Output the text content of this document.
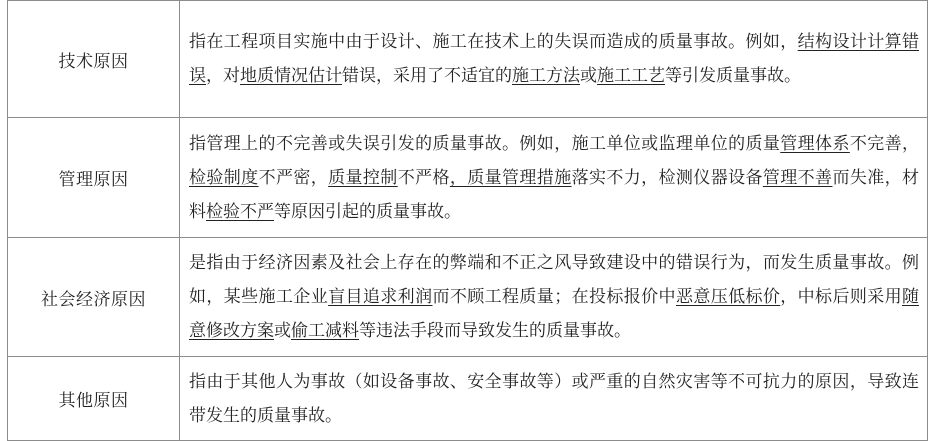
技术原因	指在工程项目实施中由于设计、施工在技术上的失误而造成的质量事故。例如，结构设计计算错误，对地质情况估计错误，采用了不适宜的施工方法或施工工艺等引发质量事故。
管理原因	指管理上的不完善或失误引发的质量事故。例如，施工单位或监理单位的质量管理体系不完善，检验制度不严密，质量控制不严格，质量管理措施落实不力，检测仪器设备管理不善而失准，材料检验不严等原因引起的质量事故。
社会经济原因	是指由于经济因素及社会上存在的弊端和不正之风导致建设中的错误行为，而发生质量事故。例如，某些施工企业盲目追求利润而不顾工程质量；在投标报价中恶意压低标价，中标后则采用随意修改方案或偷工减料等违法手段而导致发生的质量事故。
其他原因	指由于其他人为事故（如设备事故、安全事故等）或严重的自然灾害等不可抗力的原因，导致连带发生的质量事故。
